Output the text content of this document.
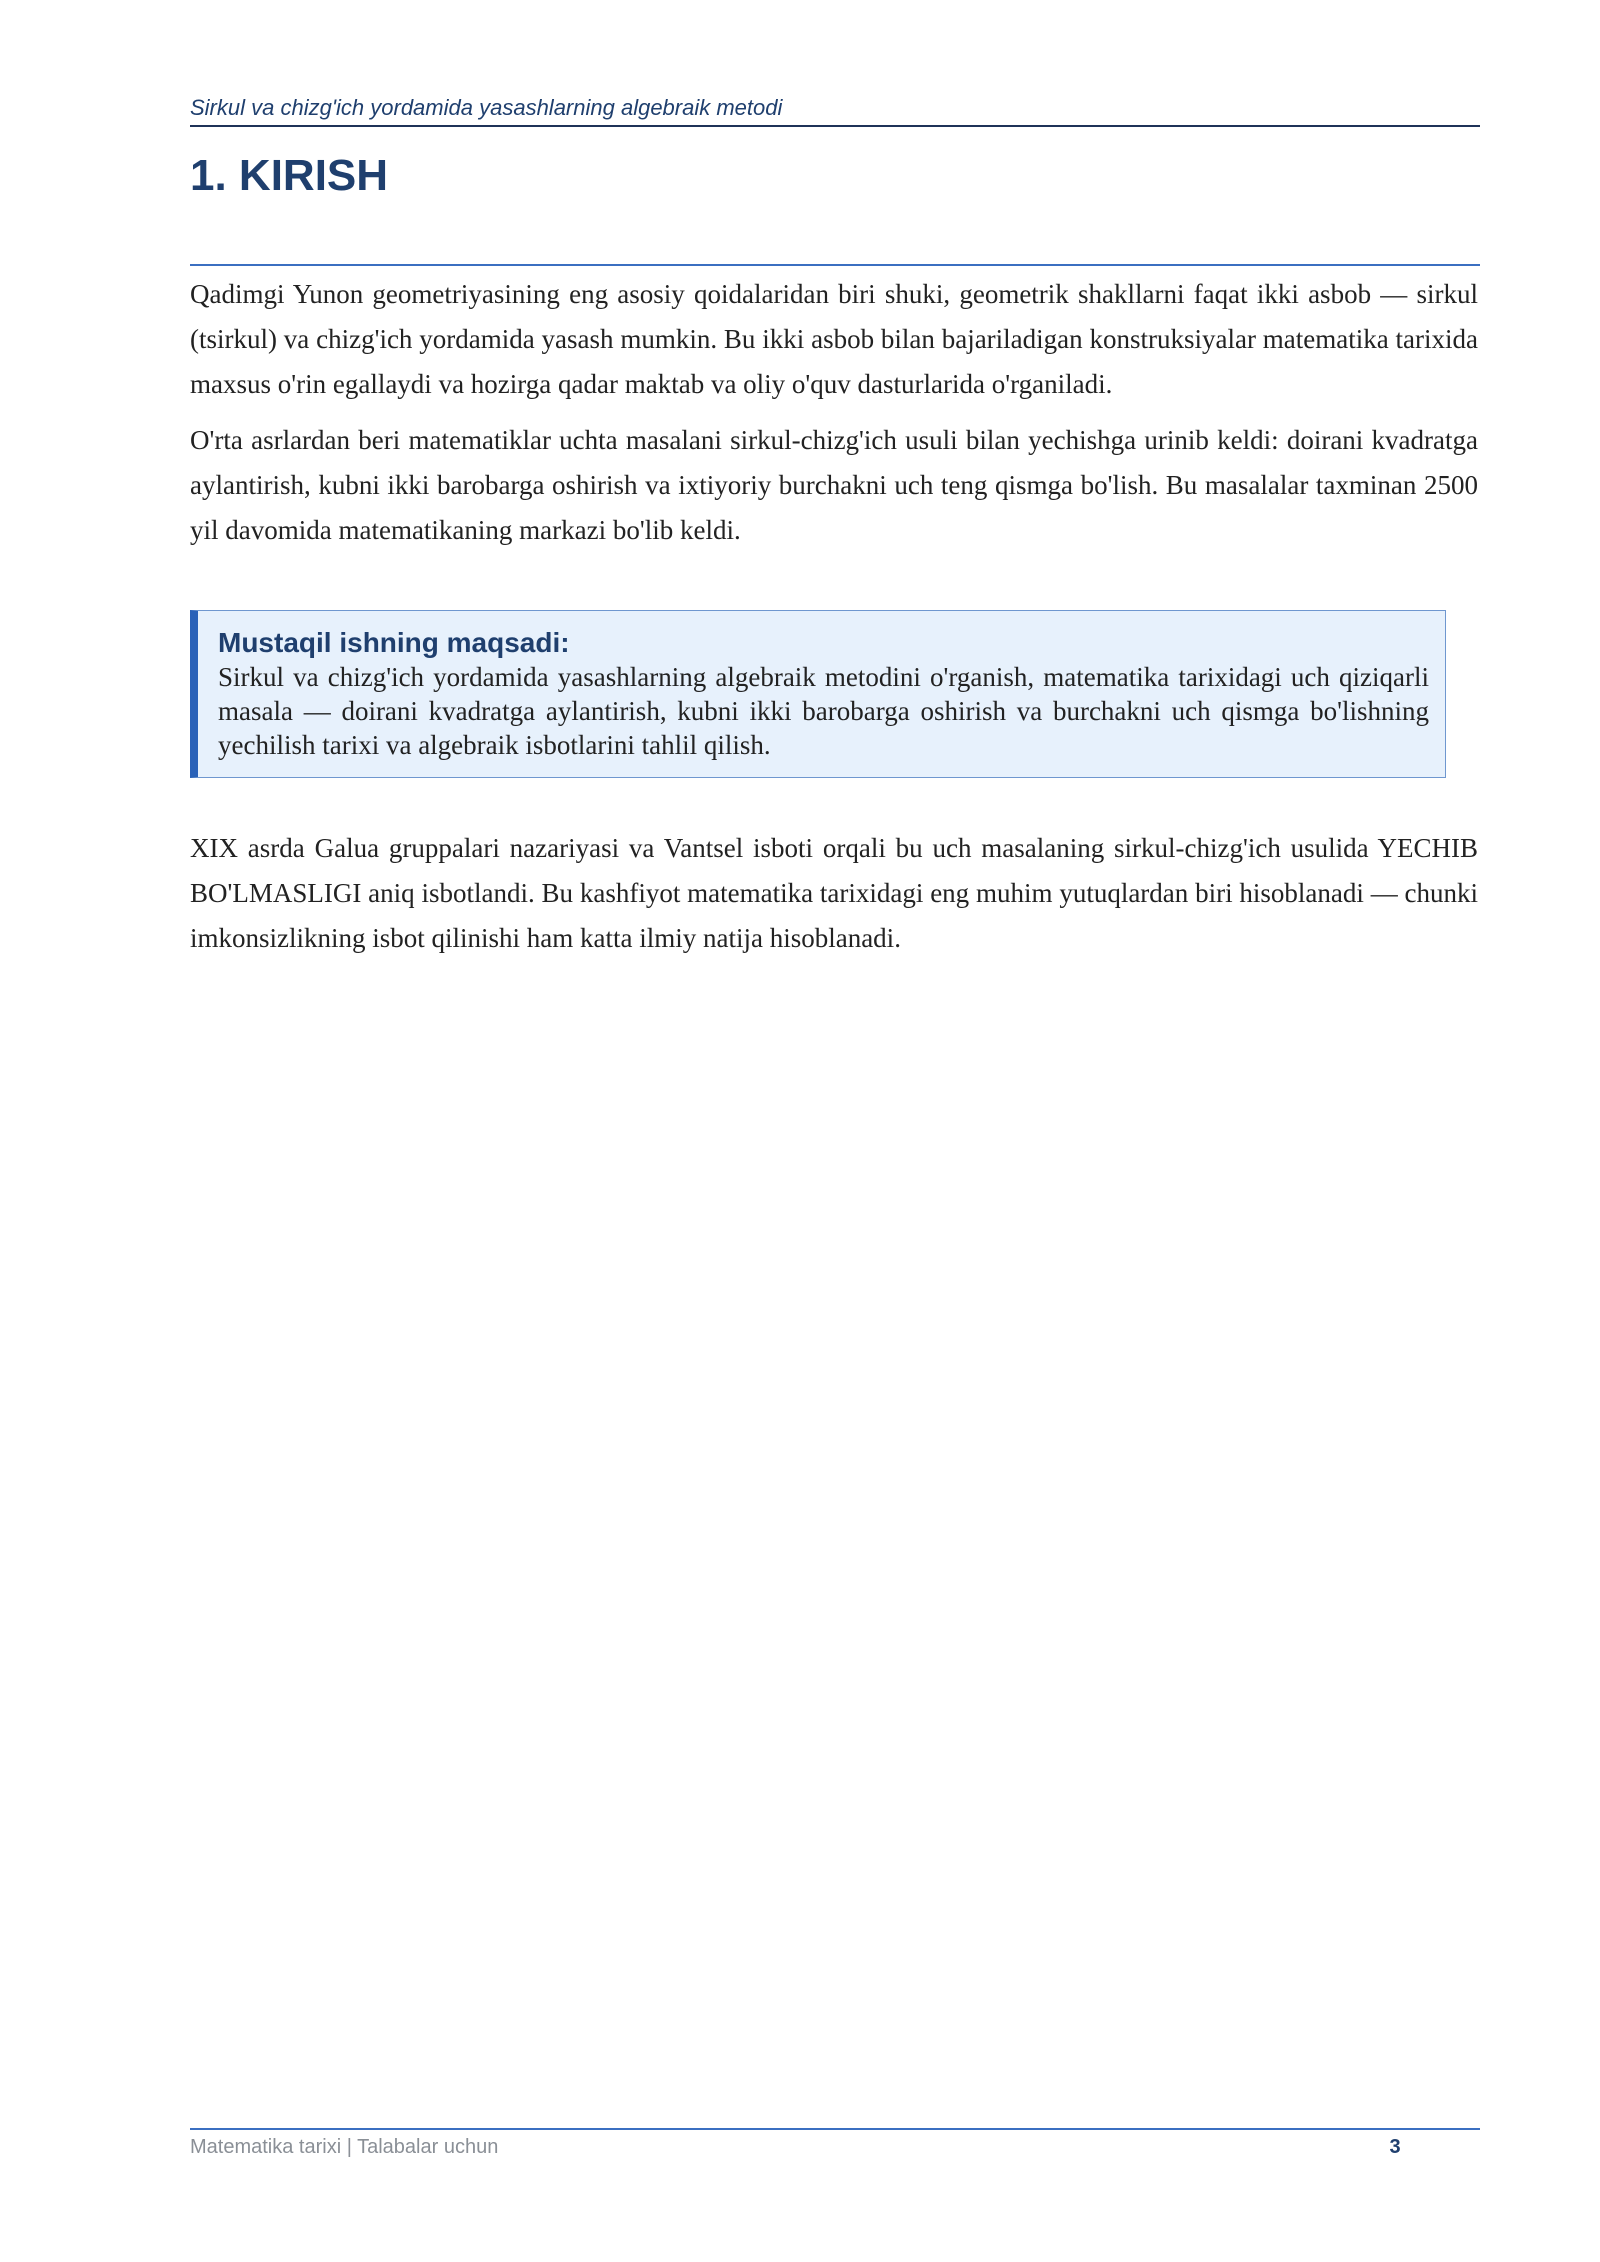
Sirkul va chizg'ich yordamida yasashlarning algebraik metodi
1. KIRISH

Qadimgi Yunon geometriyasining eng asosiy qoidalaridan biri shuki, geometrik shakllarni faqat ikki asbob — sirkul (tsirkul) va chizg'ich yordamida yasash mumkin. Bu ikki asbob bilan bajariladigan konstruksiyalar matematika tarixida maxsus o'rin egallaydi va hozirga qadar maktab va oliy o'quv dasturlarida o'rganiladi.

O'rta asrlardan beri matematiklar uchta masalani sirkul-chizg'ich usuli bilan yechishga urinib keldi: doirani kvadratga aylantirish, kubni ikki barobarga oshirish va ixtiyoriy burchakni uch teng qismga bo'lish. Bu masalalar taxminan 2500 yil davomida matematikaning markazi bo'lib keldi.

Mustaqil ishning maqsadi:

Sirkul va chizg'ich yordamida yasashlarning algebraik metodini o'rganish, matematika tarixidagi uch qiziqarli masala — doirani kvadratga aylantirish, kubni ikki barobarga oshirish va burchakni uch qismga bo'lishning yechilish tarixi va algebraik isbotlarini tahlil qilish.

XIX asrda Galua gruppalari nazariyasi va Vantsel isboti orqali bu uch masalaning sirkul-chizg'ich usulida YECHIB BO'LMASLIGI aniq isbotlandi. Bu kashfiyot matematika tarixidagi eng muhim yutuqlardan biri hisoblanadi — chunki imkonsizlikning isbot qilinishi ham katta ilmiy natija hisoblanadi.

Matematika tarixi | Talabalar uchun	3
